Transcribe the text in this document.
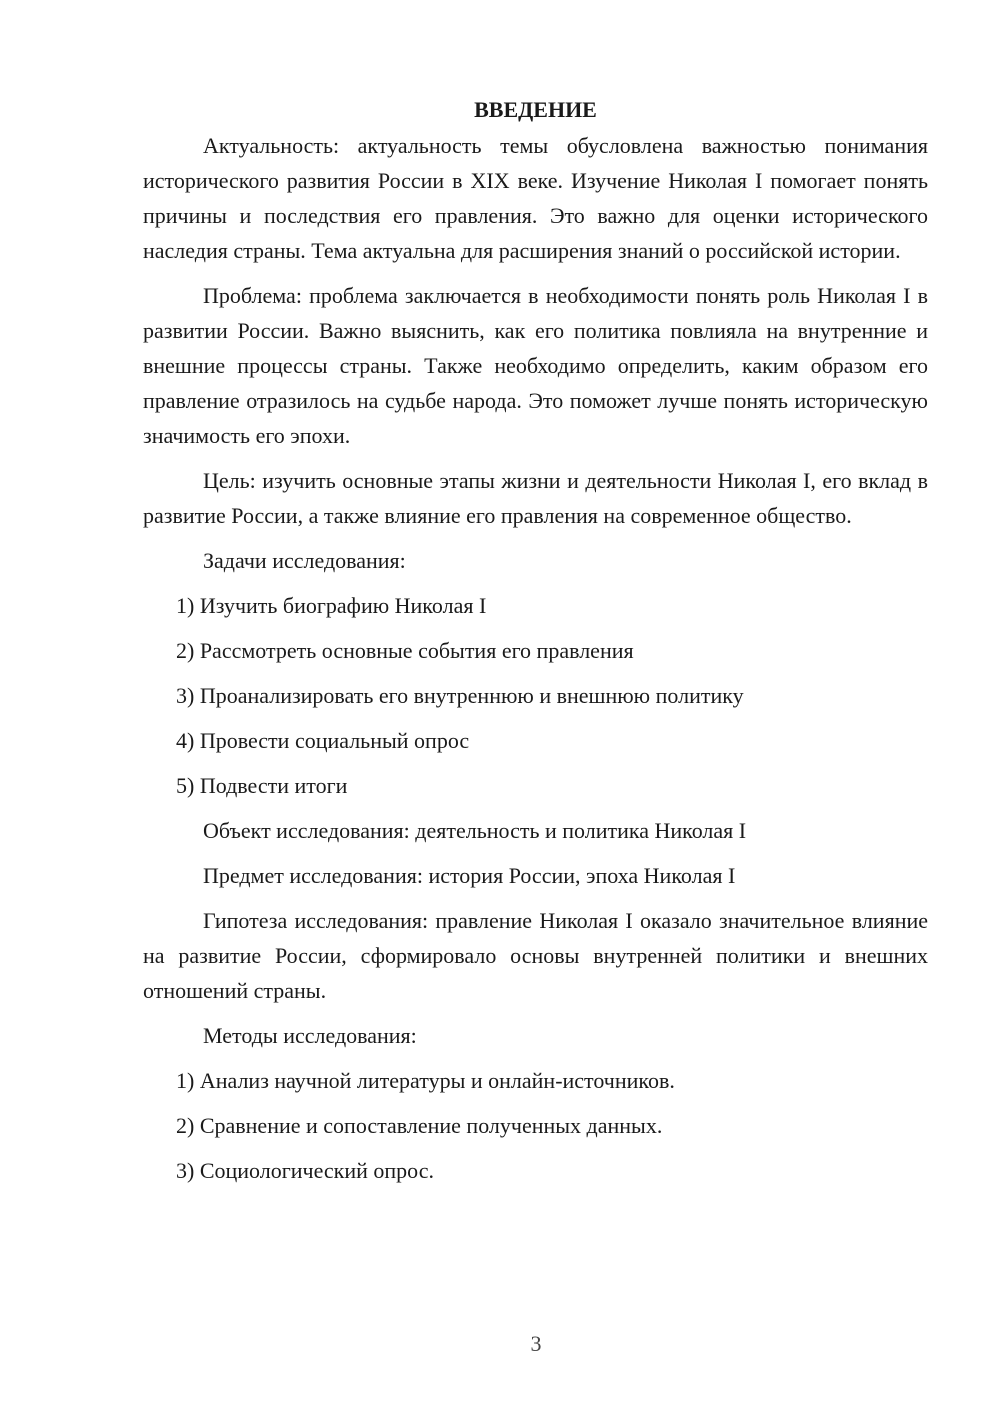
ВВЕДЕНИЕ

Актуальность: актуальность темы обусловлена важностью понимания исторического развития России в XIX веке. Изучение Николая I помогает понять причины и последствия его правления. Это важно для оценки исторического наследия страны. Тема актуальна для расширения знаний о российской истории.

Проблема: проблема заключается в необходимости понять роль Николая I в развитии России. Важно выяснить, как его политика повлияла на внутренние и внешние процессы страны. Также необходимо определить, каким образом его правление отразилось на судьбе народа. Это поможет лучше понять историческую значимость его эпохи.

Цель: изучить основные этапы жизни и деятельности Николая I, его вклад в развитие России, а также влияние его правления на современное общество.

Задачи исследования:

1) Изучить биографию Николая I
2) Рассмотреть основные события его правления
3) Проанализировать его внутреннюю и внешнюю политику
4) Провести социальный опрос
5) Подвести итоги

Объект исследования: деятельность и политика Николая I

Предмет исследования: история России, эпоха Николая I

Гипотеза исследования: правление Николая I оказало значительное влияние на развитие России, сформировало основы внутренней политики и внешних отношений страны.

Методы исследования:

1) Анализ научной литературы и онлайн-источников.
2) Сравнение и сопоставление полученных данных.
3) Социологический опрос.
3
